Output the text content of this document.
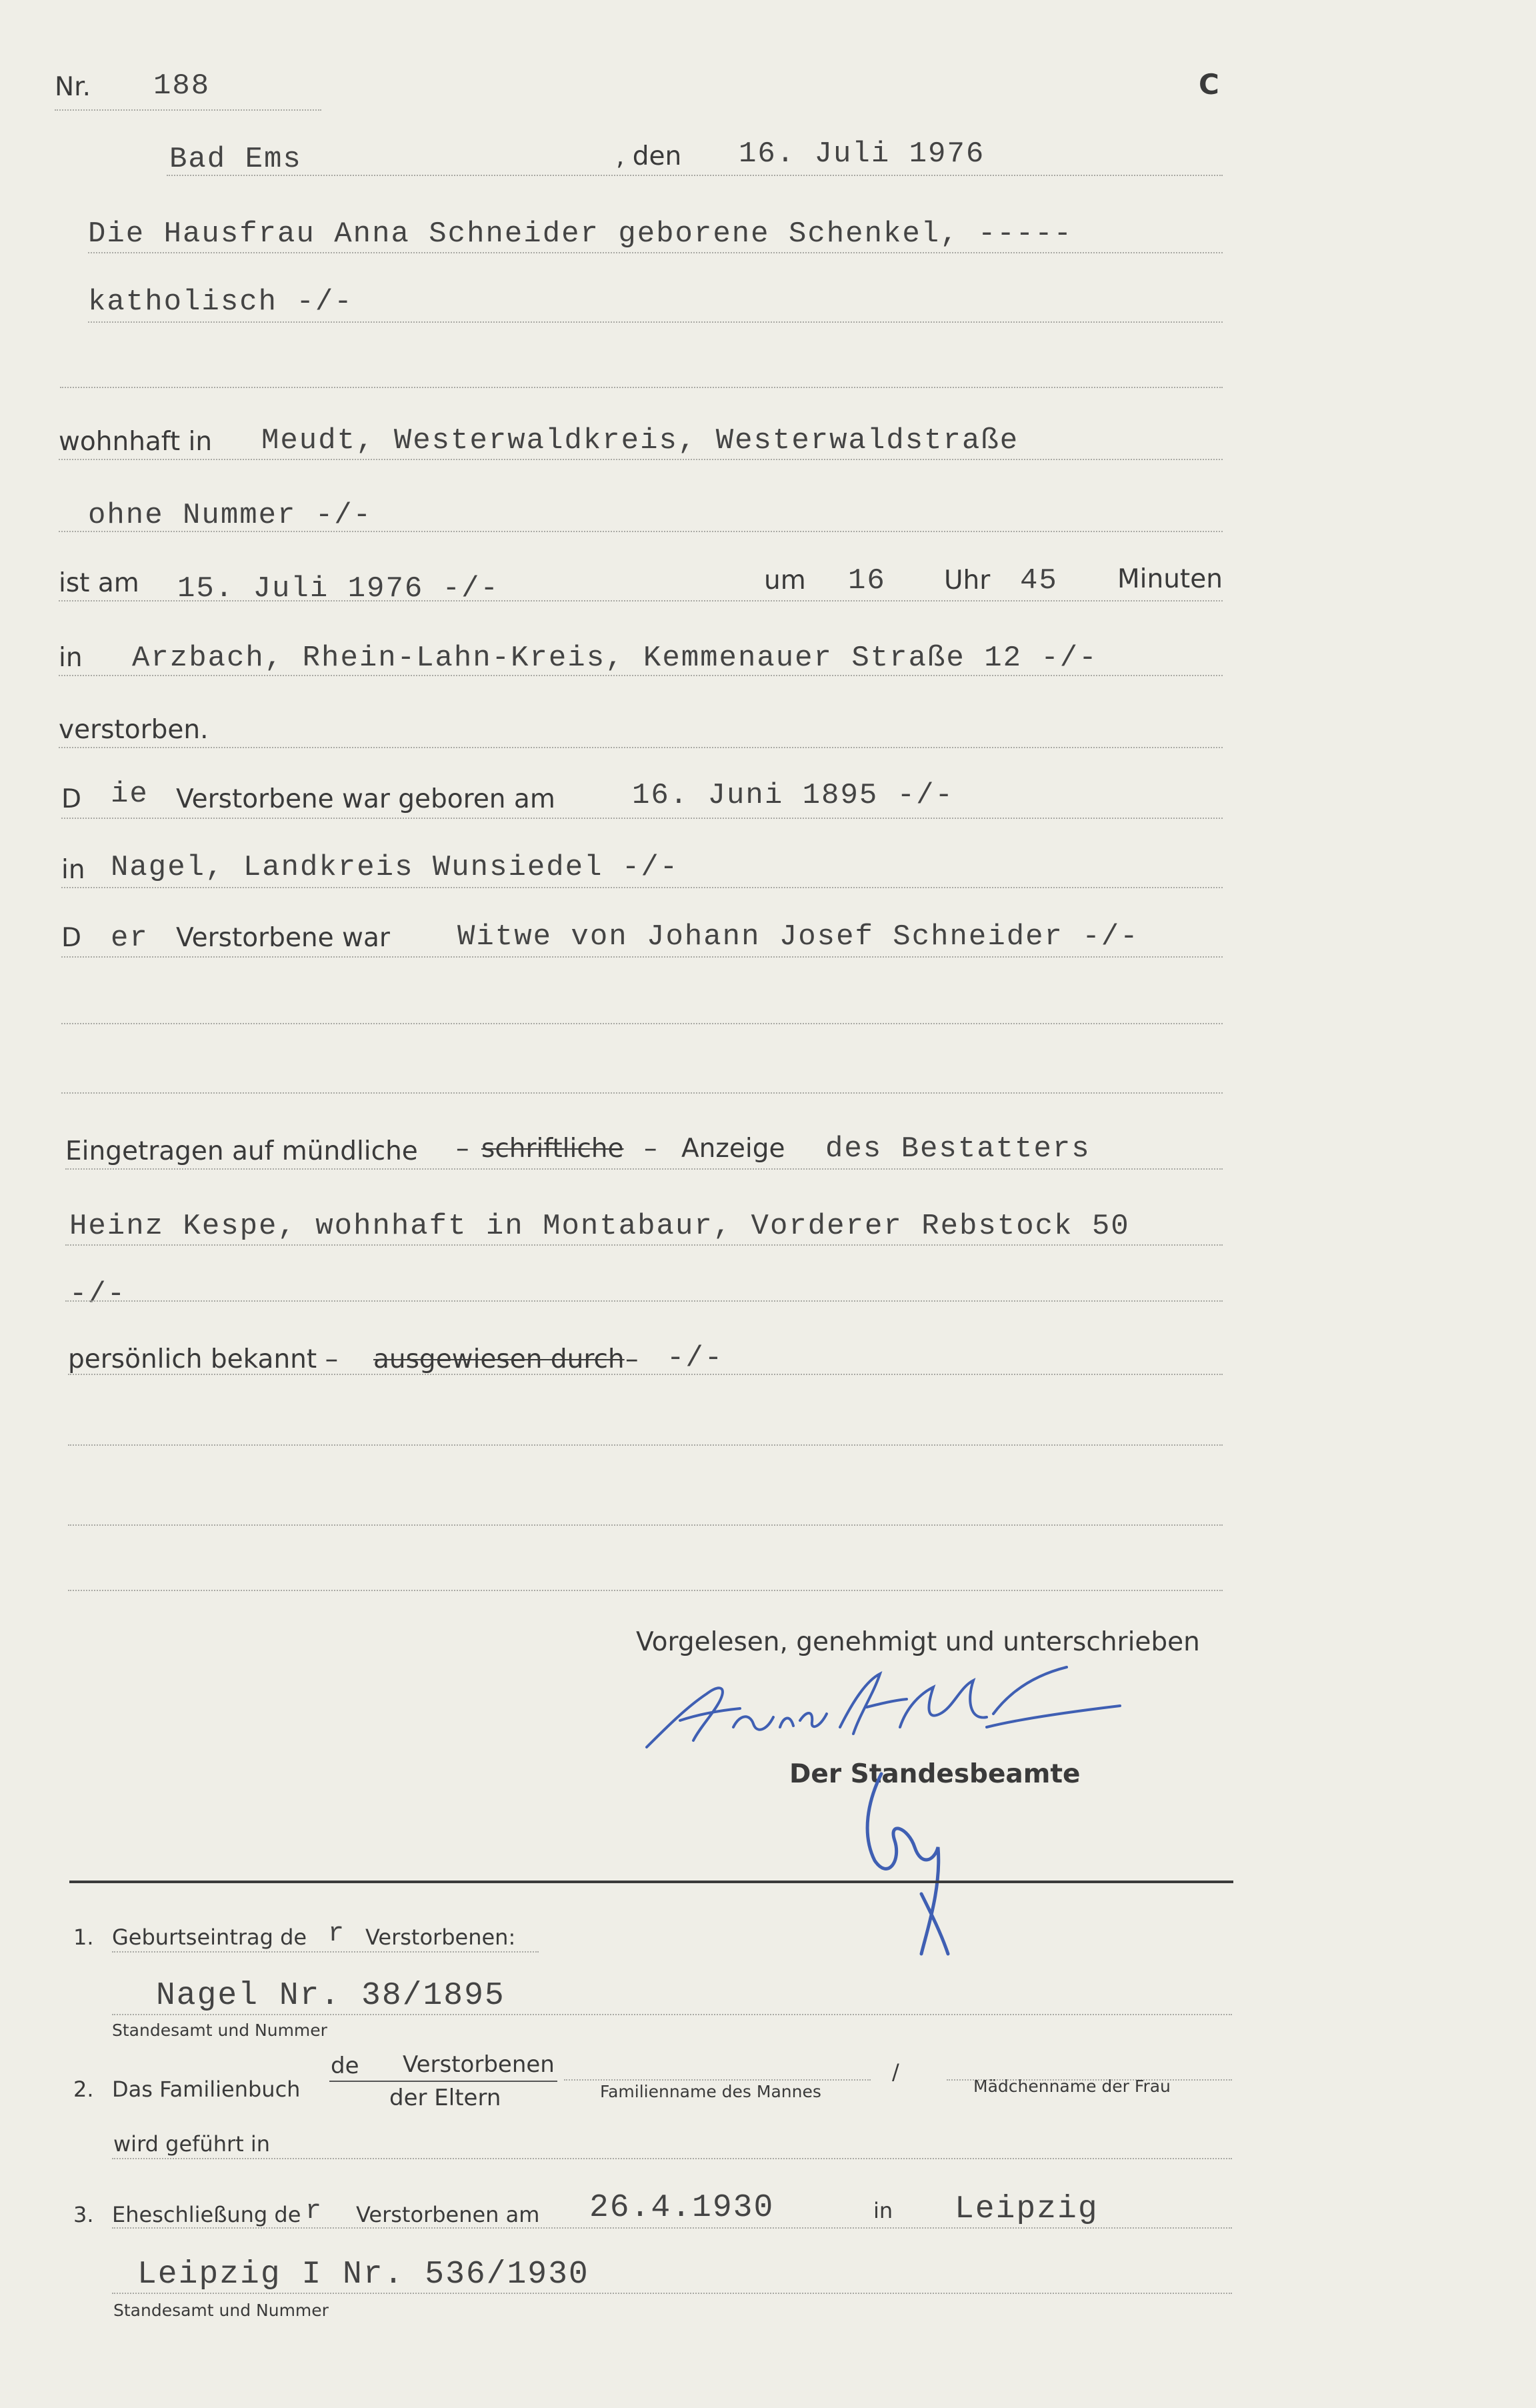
Nr. 188	C
Bad Ems	, den 16. Juli 1976
Die Hausfrau Anna Schneider geborene Schenkel, -----
katholisch -/-
wohnhaft in Meudt, Westerwaldkreis, Westerwaldstraße
ohne Nummer -/-
ist am 15. Juli 1976 -/-	um 16 Uhr 45 Minuten
in Arzbach, Rhein-Lahn-Kreis, Kemmenauer Straße 12 -/-
verstorben.
D ie Verstorbene war geboren am	16. Juni 1895 -/-
in Nagel, Landkreis Wunsiedel -/-
D er Verstorbene war Witwe von Johann Josef Schneider -/-
Eingetragen auf mündliche – schriftliche – Anzeige des Bestatters
Heinz Kespe, wohnhaft in Montabaur, Vorderer Rebstock 50
-/-
persönlich bekannt – ausgewiesen durch – -/-
Vorgelesen, genehmigt und unterschrieben
Der Standesbeamte
1. Geburtseintrag de r Verstorbenen:
Nagel Nr. 38/1895
Standesamt und Nummer
2. Das Familienbuch
de Verstorbenen
der Eltern	Familienname des Mannes
/
Mädchenname der Frau
wird geführt in
3. Eheschließung de r Verstorbenen am 26.4.1930	in Leipzig
Leipzig I Nr. 536/1930
Standesamt und Nummer
